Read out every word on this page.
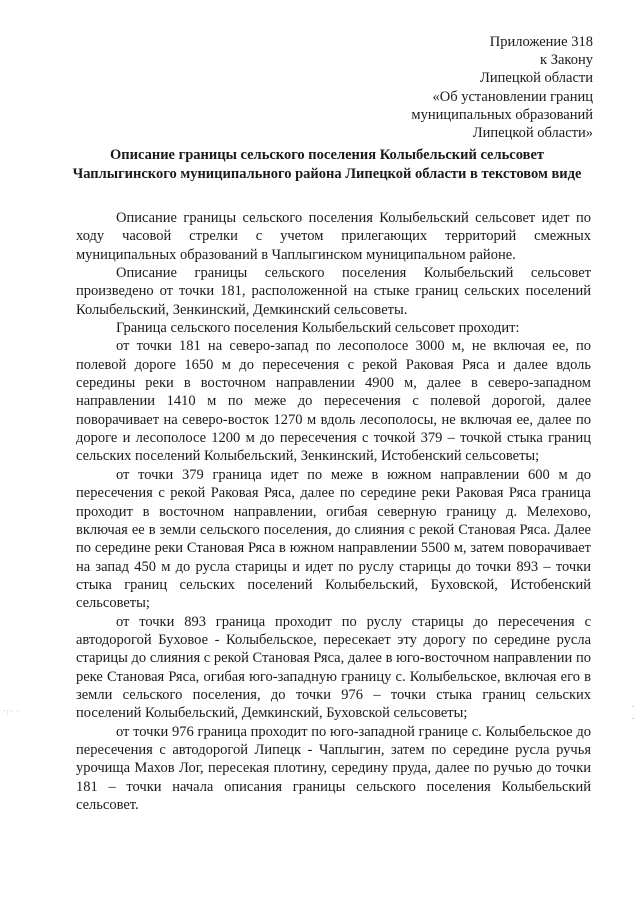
Приложение 318
к Закону
Липецкой области
«Об установлении границ
муниципальных образований
Липецкой области»
Описание границы сельского поселения Колыбельский сельсовет Чаплыгинского муниципального района Липецкой области в текстовом виде

Описание границы сельского поселения Колыбельский сельсовет идет по ходу часовой стрелки с учетом прилегающих территорий смежных муниципальных образований в Чаплыгинском муниципальном районе.

Описание границы сельского поселения Колыбельский сельсовет произведено от точки 181, расположенной на стыке границ сельских поселений Колыбельский, Зенкинский, Демкинский сельсоветы.

Граница сельского поселения Колыбельский сельсовет проходит:

от точки 181 на северо-запад по лесополосе 3000 м, не включая ее, по полевой дороге 1650 м до пересечения с рекой Раковая Ряса и далее вдоль середины реки в восточном направлении 4900 м, далее в северо-западном направлении 1410 м по меже до пересечения с полевой дорогой, далее поворачивает на северо-восток 1270 м вдоль лесополосы, не включая ее, далее по дороге и лесополосе 1200 м до пересечения с точкой 379 – точкой стыка границ сельских поселений Колыбельский, Зенкинский, Истобенский сельсоветы;

от точки 379 граница идет по меже в южном направлении 600 м до пересечения с рекой Раковая Ряса, далее по середине реки Раковая Ряса граница проходит в восточном направлении, огибая северную границу д. Мелехово, включая ее в земли сельского поселения, до слияния с рекой Становая Ряса. Далее по середине реки Становая Ряса в южном направлении 5500 м, затем поворачивает на запад 450 м до русла старицы и идет по руслу старицы до точки 893 – точки стыка границ сельских поселений Колыбельский, Буховской, Истобенский сельсоветы;

от точки 893 граница проходит по руслу старицы до пересечения с автодорогой Буховое - Колыбельское, пересекает эту дорогу по середине русла старицы до слияния с рекой Становая Ряса, далее в юго-восточном направлении по реке Становая Ряса, огибая юго-западную границу с. Колыбельское, включая его в земли сельского поселения, до точки 976 – точки стыка границ сельских поселений Колыбельский, Демкинский, Буховской сельсоветы;

от точки 976 граница проходит по юго-западной границе с. Колыбельское до пересечения с автодорогой Липецк - Чаплыгин, затем по середине русла ручья урочища Махов Лог, пересекая плотину, середину пруда, далее по ручью до точки 181 – точки начала описания границы сельского поселения Колыбельский сельсовет.

·:· ·	·
·
